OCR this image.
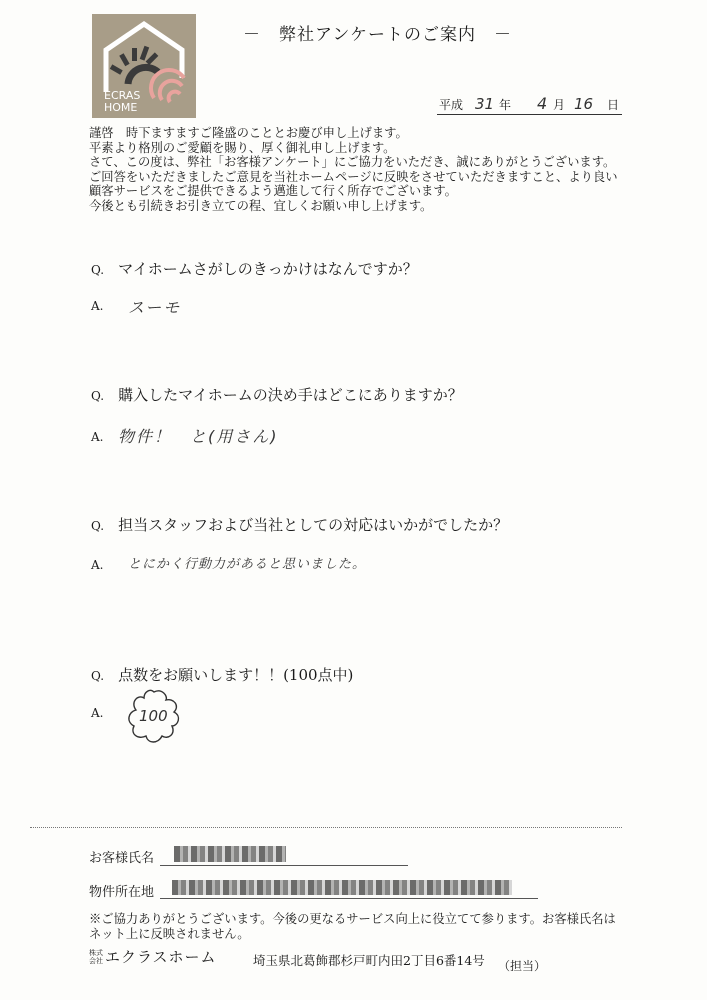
ECRAS
HOME
－　弊社アンケートのご案内　－
平成 31 年 4 月 16 日
謹啓　時下ますますご隆盛のこととお慶び申し上げます。
平素より格別のご愛顧を賜り、厚く御礼申し上げます。
さて、この度は、弊社「お客様アンケート」にご協力をいただき、誠にありがとうございます。
ご回答をいただきましたご意見を当社ホームページに反映をさせていただきますこと、より良い
顧客サービスをご提供できるよう邁進して行く所存でございます。
今後とも引続きお引き立ての程、宜しくお願い申し上げます。
Q. マイホームさがしのきっかけはなんですか？
A. スーモ
Q. 購入したマイホームの決め手はどこにありますか？
A. 物件！　と(用さん)
Q. 担当スタッフおよび当社としての対応はいかがでしたか？
A. とにかく行動力があると思いました。
Q. 点数をお願いします！！(100点中)
A. 100
お客様氏名
物件所在地
※ご協力ありがとうございます。今後の更なるサービス向上に役立てて参ります。お客様氏名は
ネット上に反映されません。
株式
会社 エクラスホーム	埼玉県北葛飾郡杉戸町内田2丁目6番14号 （担当）
